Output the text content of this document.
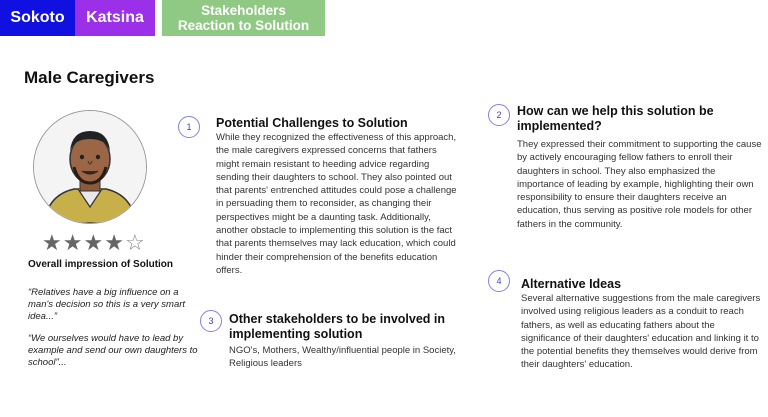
Sokoto	Katsina	Stakeholders
Reaction to Solution
Male Caregivers
★★★★☆
Overall impression of Solution
“Relatives have a big influence on a man's decision so this is a very smart idea...”
“We ourselves would have to lead by example and send our own daughters to school”...
1	Potential Challenges to Solution
While they recognized the effectiveness of this approach, the male caregivers expressed concerns that fathers might remain resistant to heeding advice regarding sending their daughters to school. They also pointed out that parents' entrenched attitudes could pose a challenge in persuading them to reconsider, as changing their perspectives might be a daunting task. Additionally, another obstacle to implementing this solution is the fact that parents themselves may lack education, which could hinder their comprehension of the benefits education offers.
2	How can we help this solution be implemented?
They expressed their commitment to supporting the cause by actively encouraging fellow fathers to enroll their daughters in school. They also emphasized the importance of leading by example, highlighting their own responsibility to ensure their daughters receive an education, thus serving as positive role models for other fathers in the community.
3	Other stakeholders to be involved in implementing solution
NGO's, Mothers, Wealthy/influential people in Society, Religious leaders
4	Alternative Ideas
Several alternative suggestions from the male caregivers involved using religious leaders as a conduit to reach fathers, as well as educating fathers about the significance of their daughters' education and linking it to the potential benefits they themselves would derive from their daughters' education.
